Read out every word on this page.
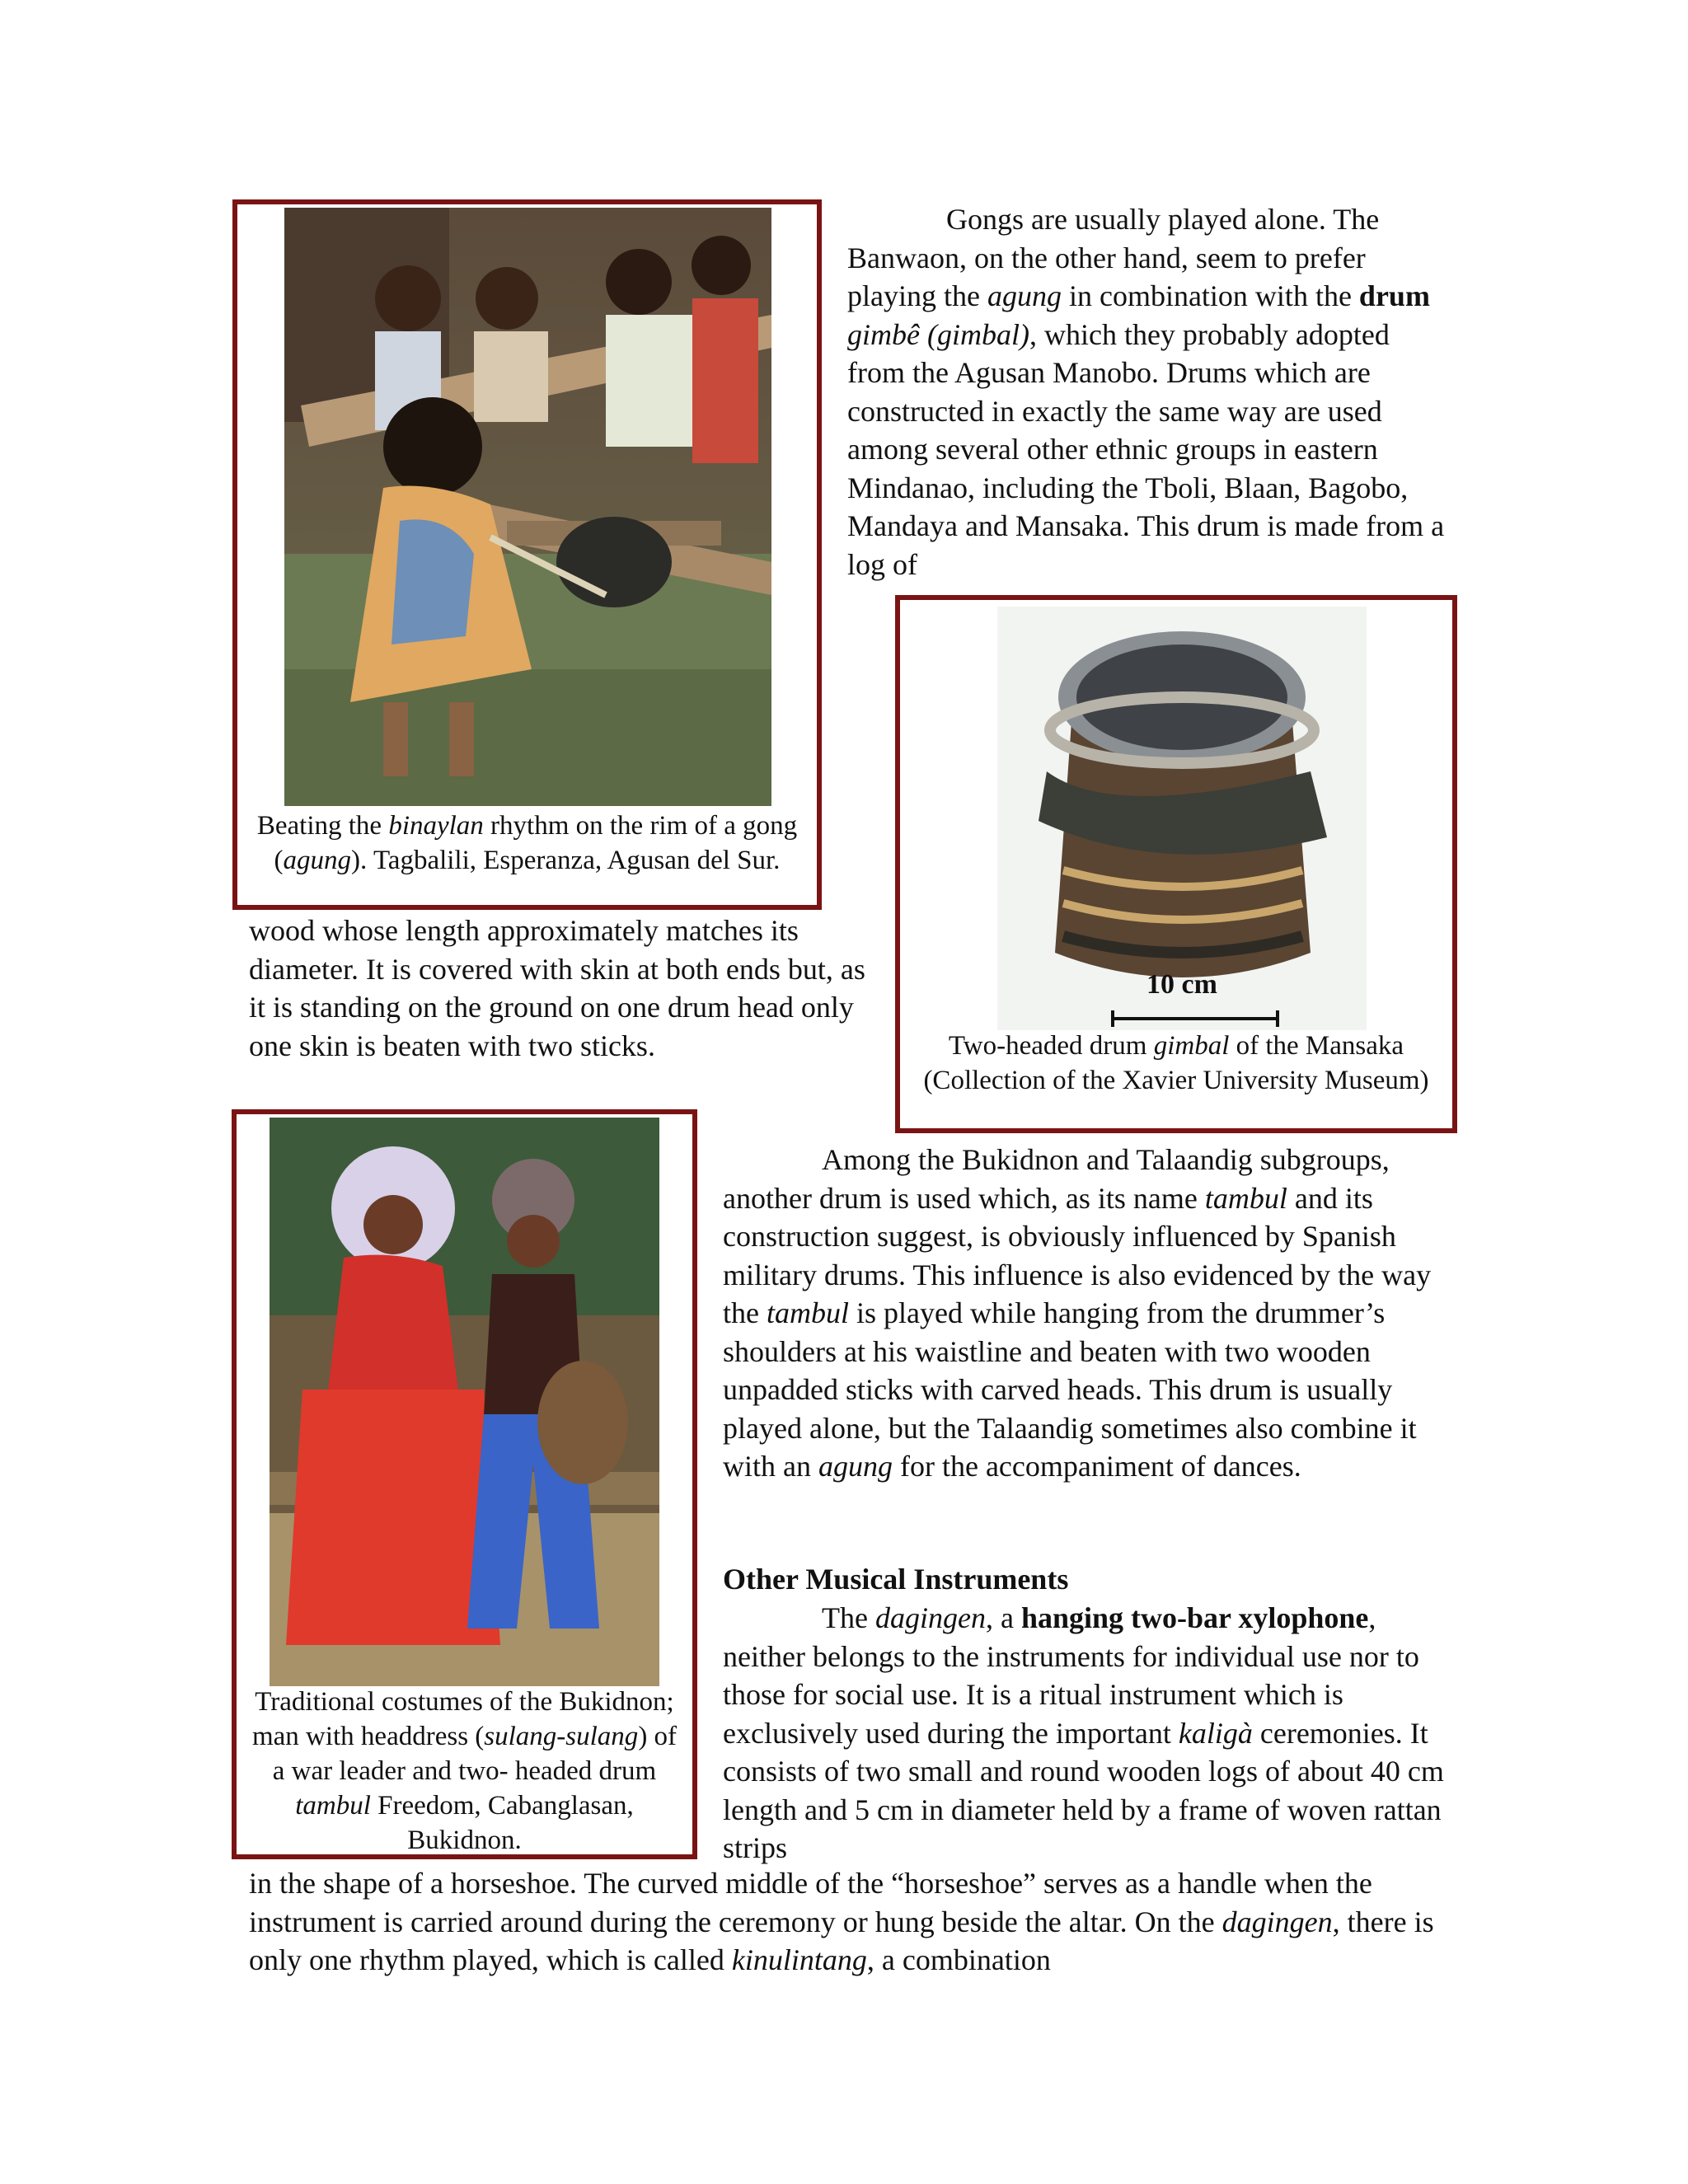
Beating the binaylan rhythm on the rim of a gong (agung). Tagbalili, Esperanza, Agusan del Sur.

Gongs are usually played alone. The Banwaon, on the other hand, seem to prefer playing the agung in combination with the drum gimbê (gimbal), which they probably adopted from the Agusan Manobo. Drums which are constructed in exactly the same way are used among several other ethnic groups in eastern Mindanao, including the Tboli, Blaan, Bagobo, Mandaya and Mansaka. This drum is made from a log of

10 cm
Two-headed drum gimbal of the Mansaka (Collection of the Xavier University Museum)

wood whose length approximately matches its diameter. It is covered with skin at both ends but, as it is standing on the ground on one drum head only one skin is beaten with two sticks.

Traditional costumes of the Bukidnon; man with headdress (sulang-sulang) of a war leader and two- headed drum tambul Freedom, Cabanglasan, Bukidnon.

Among the Bukidnon and Talaandig subgroups, another drum is used which, as its name tambul and its construction suggest, is obviously influenced by Spanish military drums. This influence is also evidenced by the way the tambul is played while hanging from the drummer’s shoulders at his waistline and beaten with two wooden unpadded sticks with carved heads. This drum is usually played alone, but the Talaandig sometimes also combine it with an agung for the accompaniment of dances.

Other Musical Instruments

The dagingen, a hanging two-bar xylophone, neither belongs to the instruments for individual use nor to those for social use. It is a ritual instrument which is exclusively used during the important kaligà ceremonies. It consists of two small and round wooden logs of about 40 cm length and 5 cm in diameter held by a frame of woven rattan strips

in the shape of a horseshoe. The curved middle of the “horseshoe” serves as a handle when the instrument is carried around during the ceremony or hung beside the altar. On the dagingen, there is only one rhythm played, which is called kinulintang, a combination
